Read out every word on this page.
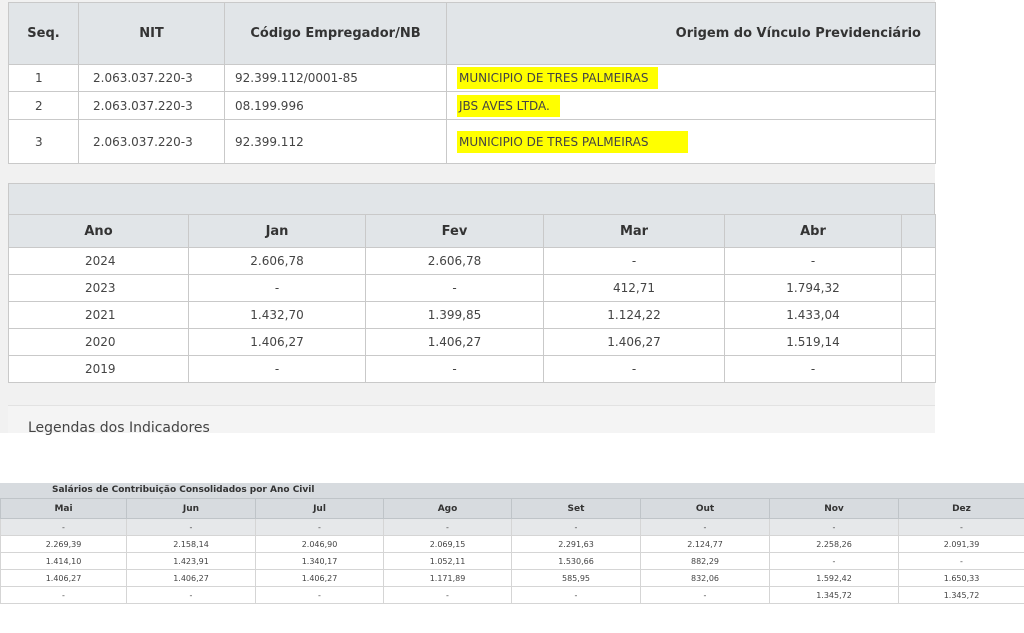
Seq.	NIT	Código Empregador/NB	Origem do Vínculo Previdenciário
1	2.063.037.220-3	92.399.112/0001-85	MUNICIPIO DE TRES PALMEIRAS
2	2.063.037.220-3	08.199.996	JBS AVES LTDA.
3	2.063.037.220-3	92.399.112	MUNICIPIO DE TRES PALMEIRAS
Ano	Jan	Fev	Mar	Abr	
2024	2.606,78	2.606,78	-	-	
2023	-	-	412,71	1.794,32	
2021	1.432,70	1.399,85	1.124,22	1.433,04	
2020	1.406,27	1.406,27	1.406,27	1.519,14	
2019	-	-	-	-	
Legendas dos Indicadores
Salários de Contribuição Consolidados por Ano Civil
Mai	Jun	Jul	Ago	Set	Out	Nov	Dez
-	-	-	-	-	-	-	-
2.269,39	2.158,14	2.046,90	2.069,15	2.291,63	2.124,77	2.258,26	2.091,39
1.414,10	1.423,91	1.340,17	1.052,11	1.530,66	882,29	-	-
1.406,27	1.406,27	1.406,27	1.171,89	585,95	832,06	1.592,42	1.650,33
-	-	-	-	-	-	1.345,72	1.345,72
